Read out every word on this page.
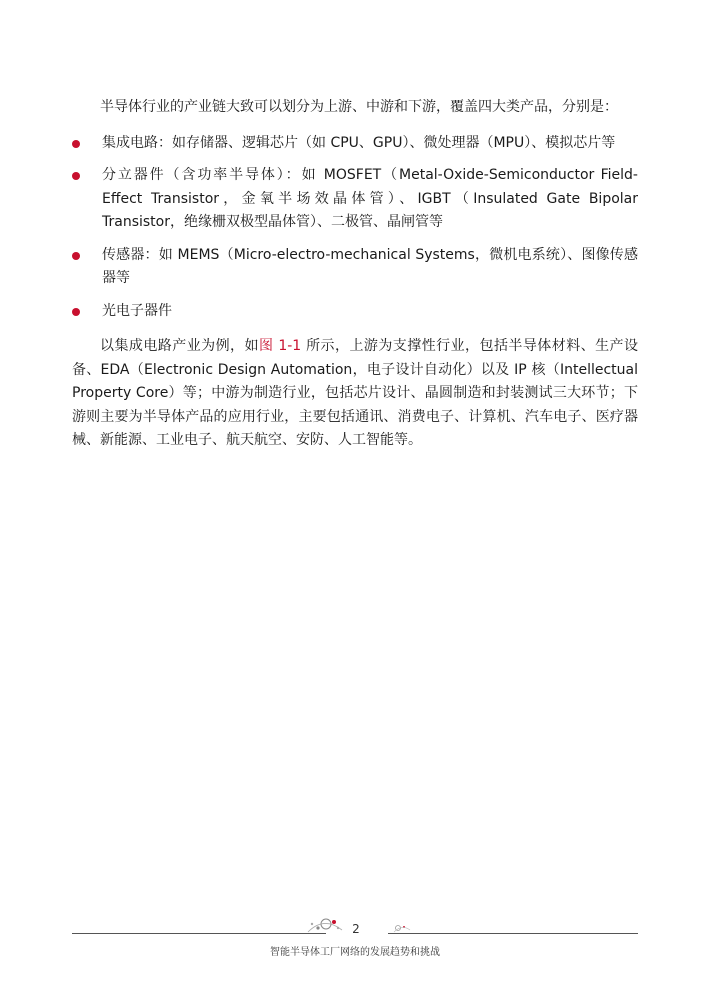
半导体行业的产业链大致可以划分为上游、中游和下游，覆盖四大类产品，分别是：

集成电路：如存储器、逻辑芯片（如 CPU、GPU）、微处理器（MPU）、模拟芯片等
分立器件（含功率半导体）：如 MOSFET（Metal-Oxide-Semiconductor Field-Effect Transistor，金氧半场效晶体管）、IGBT（Insulated Gate Bipolar Transistor，绝缘栅双极型晶体管）、二极管、晶闸管等
传感器：如 MEMS（Micro-electro-mechanical Systems，微机电系统）、图像传感器等
光电子器件

以集成电路产业为例，如图 1-1 所示，上游为支撑性行业，包括半导体材料、生产设备、EDA（Electronic Design Automation，电子设计自动化）以及 IP 核（Intellectual Property Core）等；中游为制造行业，包括芯片设计、晶圆制造和封装测试三大环节；下游则主要为半导体产品的应用行业，主要包括通讯、消费电子、计算机、汽车电子、医疗器械、新能源、工业电子、航天航空、安防、人工智能等。

2
智能半导体工厂网络的发展趋势和挑战
